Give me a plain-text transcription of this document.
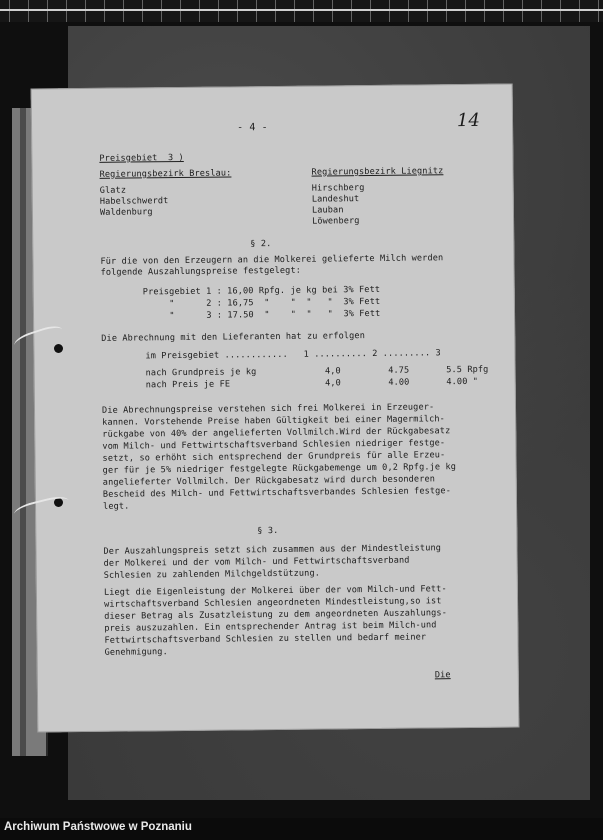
- 4 -	14
Preisgebiet  3 )
Regierungsbezirk Breslau:
Glatz
Habelschwerdt
Waldenburg
Regierungsbezirk Liegnitz
Hirschberg
Landeshut
Lauban
Löwenberg
§ 2.
Für die von den Erzeugern an die Molkerei gelieferte Milch werden
folgende Auszahlungspreise festgelegt:
Preisgebiet 1 : 16,00 Rpfg. je kg bei 3% Fett
"      2 : 16,75  "    "  "   "  3% Fett
"      3 : 17.50  "    "  "   "  3% Fett
Die Abrechnung mit den Lieferanten hat zu erfolgen
im Preisgebiet ............   1 .......... 2 ......... 3
nach Grundpreis je kg             4,0         4.75       5.5 Rpfg
nach Preis je FE                  4,0         4.00       4.00 "
Die Abrechnungspreise verstehen sich frei Molkerei in Erzeuger-
kannen. Vorstehende Preise haben Gültigkeit bei einer Magermilch-
rückgabe von 40% der angelieferten Vollmilch.Wird der Rückgabesatz
vom Milch- und Fettwirtschaftsverband Schlesien niedriger festge-
setzt, so erhöht sich entsprechend der Grundpreis für alle Erzeu-
ger für je 5% niedriger festgelegte Rückgabemenge um 0,2 Rpfg.je kg
angelieferter Vollmilch. Der Rückgabesatz wird durch besonderen
Bescheid des Milch- und Fettwirtschaftsverbandes Schlesien festge-
legt.
§ 3.
Der Auszahlungspreis setzt sich zusammen aus der Mindestleistung
der Molkerei und der vom Milch- und Fettwirtschaftsverband
Schlesien zu zahlenden Milchgeldstützung.
Liegt die Eigenleistung der Molkerei über der vom Milch-und Fett-
wirtschaftsverband Schlesien angeordneten Mindestleistung,so ist
dieser Betrag als Zusatzleistung zu dem angeordneten Auszahlungs-
preis auszuzahlen. Ein entsprechender Antrag ist beim Milch-und
Fettwirtschaftsverband Schlesien zu stellen und bedarf meiner
Genehmigung.
Die
Archiwum Państwowe w Poznaniu
